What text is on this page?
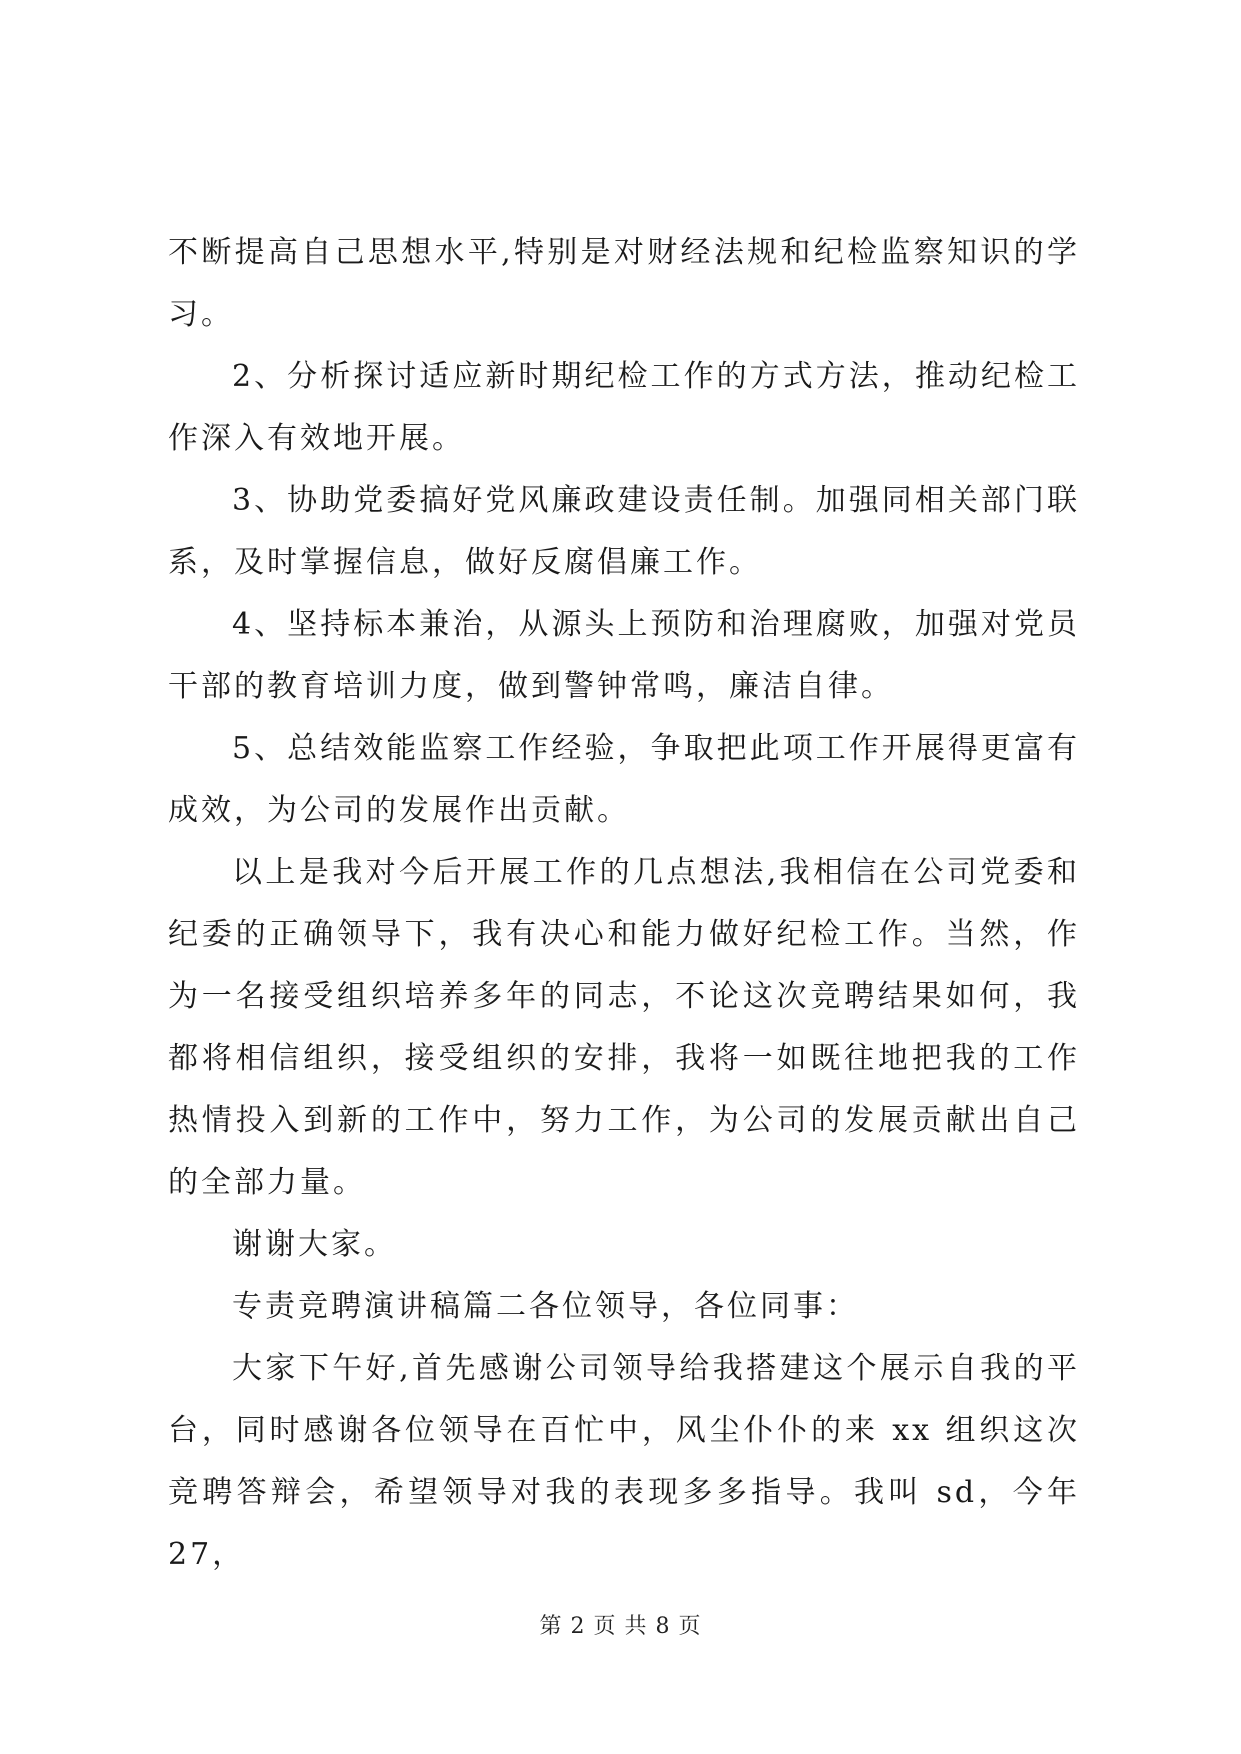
不断提高自己思想水平,特别是对财经法规和纪检监察知识的学习。

2、分析探讨适应新时期纪检工作的方式方法，推动纪检工作深入有效地开展。

3、协助党委搞好党风廉政建设责任制。加强同相关部门联系，及时掌握信息，做好反腐倡廉工作。

4、坚持标本兼治，从源头上预防和治理腐败，加强对党员干部的教育培训力度，做到警钟常鸣，廉洁自律。

5、总结效能监察工作经验，争取把此项工作开展得更富有成效，为公司的发展作出贡献。

以上是我对今后开展工作的几点想法,我相信在公司党委和纪委的正确领导下，我有决心和能力做好纪检工作。当然，作为一名接受组织培养多年的同志，不论这次竞聘结果如何，我都将相信组织，接受组织的安排，我将一如既往地把我的工作热情投入到新的工作中，努力工作，为公司的发展贡献出自己的全部力量。

谢谢大家。

专责竞聘演讲稿篇二各位领导，各位同事：

大家下午好,首先感谢公司领导给我搭建这个展示自我的平台，同时感谢各位领导在百忙中，风尘仆仆的来 xx 组织这次竞聘答辩会，希望领导对我的表现多多指导。我叫 sd，今年 27，

第 2 页 共 8 页
